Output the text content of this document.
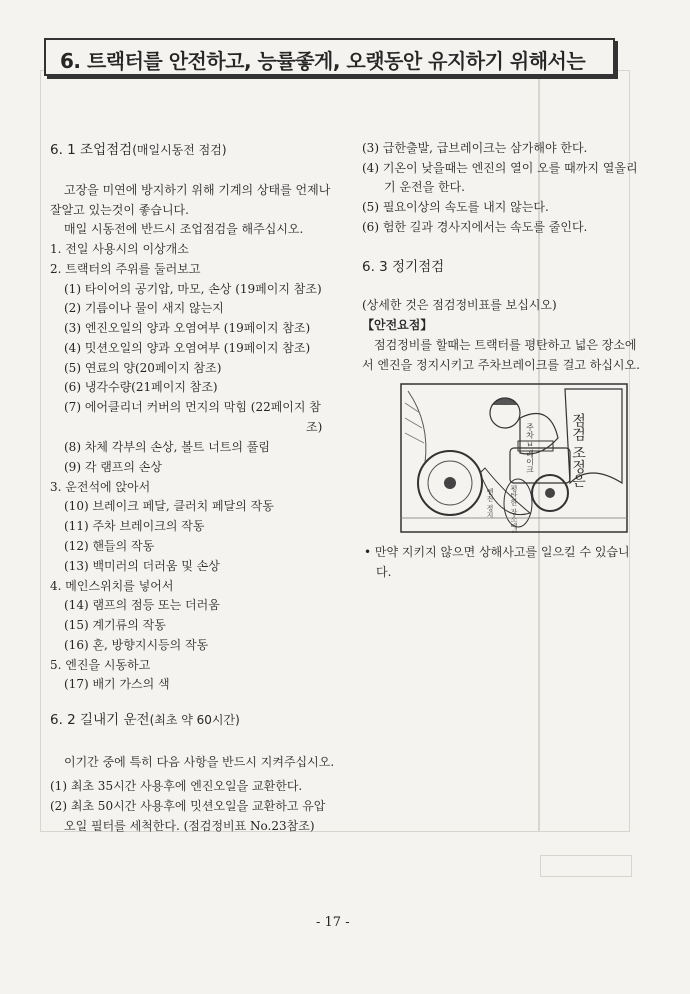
6. 트랙터를 안전하고, 능률좋게, 오랫동안 유지하기 위해서는
6. 1 조업점검(매일시동전 점검)
고장을 미연에 방지하기 위해 기계의 상태를 언제나
잘알고 있는것이 좋습니다.
매일 시동전에 반드시 조업점검을 해주십시오.
1. 전일 사용시의 이상개소
2. 트랙터의 주위를 둘러보고
(1) 타이어의 공기압, 마모, 손상 (19페이지 참조)
(2) 기름이나 물이 새지 않는지
(3) 엔진오일의 양과 오염여부 (19페이지 참조)
(4) 밋션오일의 양과 오염여부 (19페이지 참조)
(5) 연료의 양(20페이지 참조)
(6) 냉각수량(21페이지 참조)
(7) 에어클리너 커버의 먼지의 막힘 (22페이지 참
조)
(8) 차체 각부의 손상, 볼트 너트의 풀림
(9) 각 램프의 손상
3. 운전석에 앉아서
(10) 브레이크 페달, 클러치 페달의 작동
(11) 주차 브레이크의 작동
(12) 핸들의 작동
(13) 백미러의 더러움 및 손상
4. 메인스위치를 넣어서
(14) 램프의 점등 또는 더러움
(15) 계기류의 작동
(16) 혼, 방향지시등의 작동
5. 엔진을 시동하고
(17) 배기 가스의 색
6. 2 길내기 운전(최초 약 60시간)
이기간 중에 특히 다음 사항을 반드시 지켜주십시오.
(1) 최초 35시간 사용후에 엔진오일을 교환한다.
(2) 최초 50시간 사용후에 밋션오일을 교환하고 유압
오일 필터를 세척한다. (점검정비표 No.23참조)
(3) 급한출발, 급브레이크는 삼가해야 한다.
(4) 기온이 낮을때는 엔진의 열이 오를 때까지 열올리
기 운전을 한다.
(5) 필요이상의 속도를 내지 않는다.
(6) 험한 길과 경사지에서는 속도를 줄인다.
6. 3 정기점검
(상세한 것은 점검정비표를 보십시오)
【안전요점】
점검정비를 할때는 트랙터를 평탄하고 넓은 장소에
서 엔진을 정지시키고 주차브레이크를 걸고 하십시오.
점검 조정은
주차 브레이크
엔진 정지 평탄한 장소에서
• 만약 지키지 않으면 상해사고를 일으킬 수 있습니
다.
- 17 -
